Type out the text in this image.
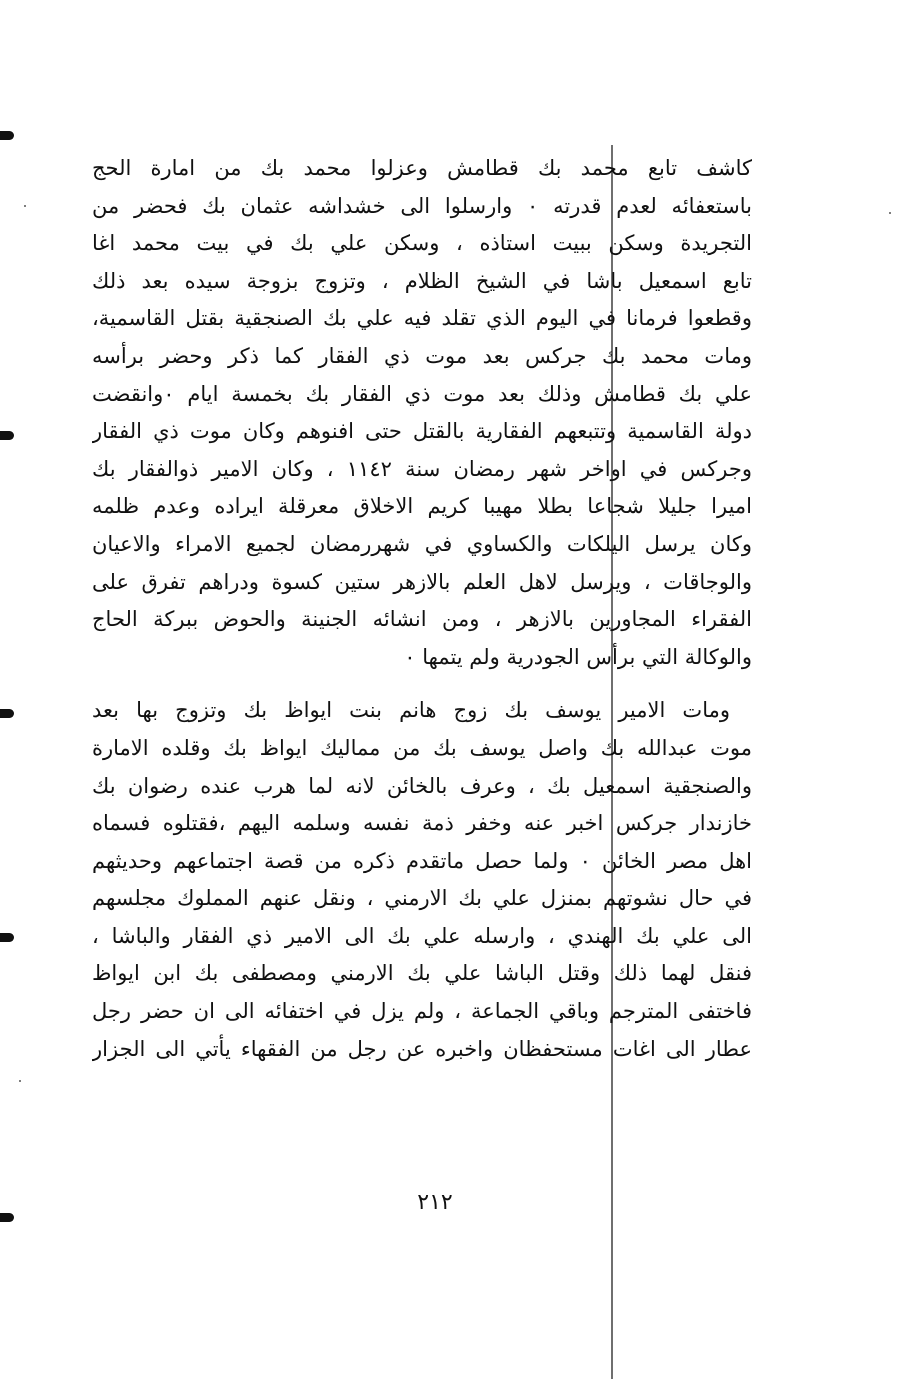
كاشف تابع محمد بك قطامش وعزلوا محمد بك من امارة الحج
باستعفائه لعدم قدرته ۰ وارسلوا الى خشداشه عثمان بك فحضر من
التجريدة وسكن ببيت استاذه ، وسكن علي بك في بيت محمد اغا
تابع اسمعيل باشا في الشيخ الظلام ، وتزوج بزوجة سيده بعد ذلك
وقطعوا فرمانا في اليوم الذي تقلد فيه علي بك الصنجقية بقتل القاسمية،
ومات محمد بك جركس بعد موت ذي الفقار كما ذكر وحضر برأسه
علي بك قطامش وذلك بعد موت ذي الفقار بك بخمسة ايام ۰وانقضت
دولة القاسمية وتتبعهم الفقارية بالقتل حتى افنوهم وكان موت ذي الفقار
وجركس في اواخر شهر رمضان سنة ١١٤٢ ، وكان الامير ذوالفقار بك
اميرا جليلا شجاعا بطلا مهيبا كريم الاخلاق معرقلة ايراده وعدم ظلمه
وكان يرسل اليلكات والكساوي في شهررمضان لجميع الامراء والاعيان
والوجاقات ، ويرسل لاهل العلم بالازهر ستين كسوة ودراهم تفرق على
الفقراء المجاورين بالازهر ، ومن انشائه الجنينة والحوض ببركة الحاج
والوكالة التي برأس الجودرية ولم يتمها ۰
ومات الامير يوسف بك زوج هانم بنت ايواظ بك وتزوج بها بعد
موت عبدالله بك واصل يوسف بك من مماليك ايواظ بك وقلده الامارة
والصنجقية اسمعيل بك ، وعرف بالخائن لانه لما هرب عنده رضوان بك
خازندار جركس اخبر عنه وخفر ذمة نفسه وسلمه اليهم ،فقتلوه فسماه
اهل مصر الخائن ۰ ولما حصل ماتقدم ذكره من قصة اجتماعهم وحديثهم
في حال نشوتهم بمنزل علي بك الارمني ، ونقل عنهم المملوك مجلسهم
الى علي بك الهندي ، وارسله علي بك الى الامير ذي الفقار والباشا ،
فنقل لهما ذلك وقتل الباشا علي بك الارمني ومصطفى بك ابن ايواظ
فاختفى المترجم وباقي الجماعة ، ولم يزل في اختفائه الى ان حضر رجل
عطار الى اغات مستحفظان واخبره عن رجل من الفقهاء يأتي الى الجزار
٢١٢
